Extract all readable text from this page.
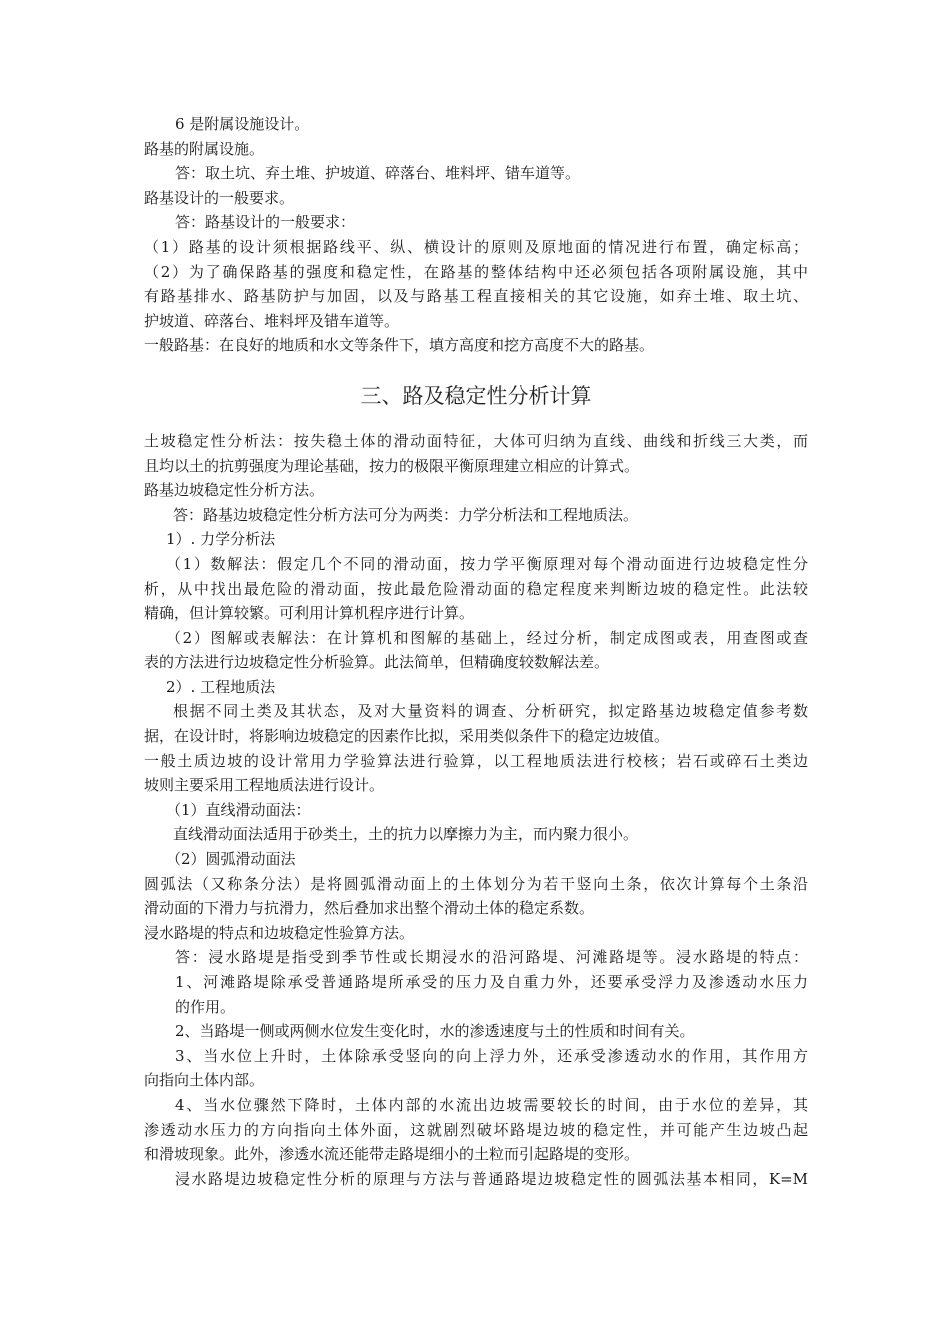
6 是附属设施设计。
路基的附属设施。
答：取土坑、弃土堆、护坡道、碎落台、堆料坪、错车道等。
路基设计的一般要求。
答：路基设计的一般要求：
（1）路基的设计须根据路线平、纵、横设计的原则及原地面的情况进行布置，确定标高；
（2）为了确保路基的强度和稳定性，在路基的整体结构中还必须包括各项附属设施，其中
有路基排水、路基防护与加固，以及与路基工程直接相关的其它设施，如弃土堆、取土坑、
护坡道、碎落台、堆料坪及错车道等。
一般路基：在良好的地质和水文等条件下，填方高度和挖方高度不大的路基。
三、路及稳定性分析计算
土坡稳定性分析法：按失稳土体的滑动面特征，大体可归纳为直线、曲线和折线三大类，而
且均以土的抗剪强度为理论基础，按力的极限平衡原理建立相应的计算式。
路基边坡稳定性分析方法。
答：路基边坡稳定性分析方法可分为两类：力学分析法和工程地质法。
1）. 力学分析法
（1）数解法：假定几个不同的滑动面，按力学平衡原理对每个滑动面进行边坡稳定性分
析，从中找出最危险的滑动面，按此最危险滑动面的稳定程度来判断边坡的稳定性。此法较
精确，但计算较繁。可利用计算机程序进行计算。
（2）图解或表解法：在计算机和图解的基础上，经过分析，制定成图或表，用查图或查
表的方法进行边坡稳定性分析验算。此法简单，但精确度较数解法差。
2）. 工程地质法
根据不同土类及其状态，及对大量资料的调查、分析研究，拟定路基边坡稳定值参考数
据，在设计时，将影响边坡稳定的因素作比拟，采用类似条件下的稳定边坡值。
一般土质边坡的设计常用力学验算法进行验算，以工程地质法进行校核；岩石或碎石土类边
坡则主要采用工程地质法进行设计。
（1）直线滑动面法：
直线滑动面法适用于砂类土，土的抗力以摩擦力为主，而内聚力很小。
（2）圆弧滑动面法
圆弧法（又称条分法）是将圆弧滑动面上的土体划分为若干竖向土条，依次计算每个土条沿
滑动面的下滑力与抗滑力，然后叠加求出整个滑动土体的稳定系数。
浸水路堤的特点和边坡稳定性验算方法。
答：浸水路堤是指受到季节性或长期浸水的沿河路堤、河滩路堤等。浸水路堤的特点：
1、河滩路堤除承受普通路堤所承受的压力及自重力外，还要承受浮力及渗透动水压力
的作用。
2、当路堤一侧或两侧水位发生变化时，水的渗透速度与土的性质和时间有关。
3、当水位上升时，土体除承受竖向的向上浮力外，还承受渗透动水的作用，其作用方
向指向土体内部。
4、当水位骤然下降时，土体内部的水流出边坡需要较长的时间，由于水位的差异，其
渗透动水压力的方向指向土体外面，这就剧烈破坏路堤边坡的稳定性，并可能产生边坡凸起
和滑坡现象。此外，渗透水流还能带走路堤细小的土粒而引起路堤的变形。
浸水路堤边坡稳定性分析的原理与方法与普通路堤边坡稳定性的圆弧法基本相同，K=M
